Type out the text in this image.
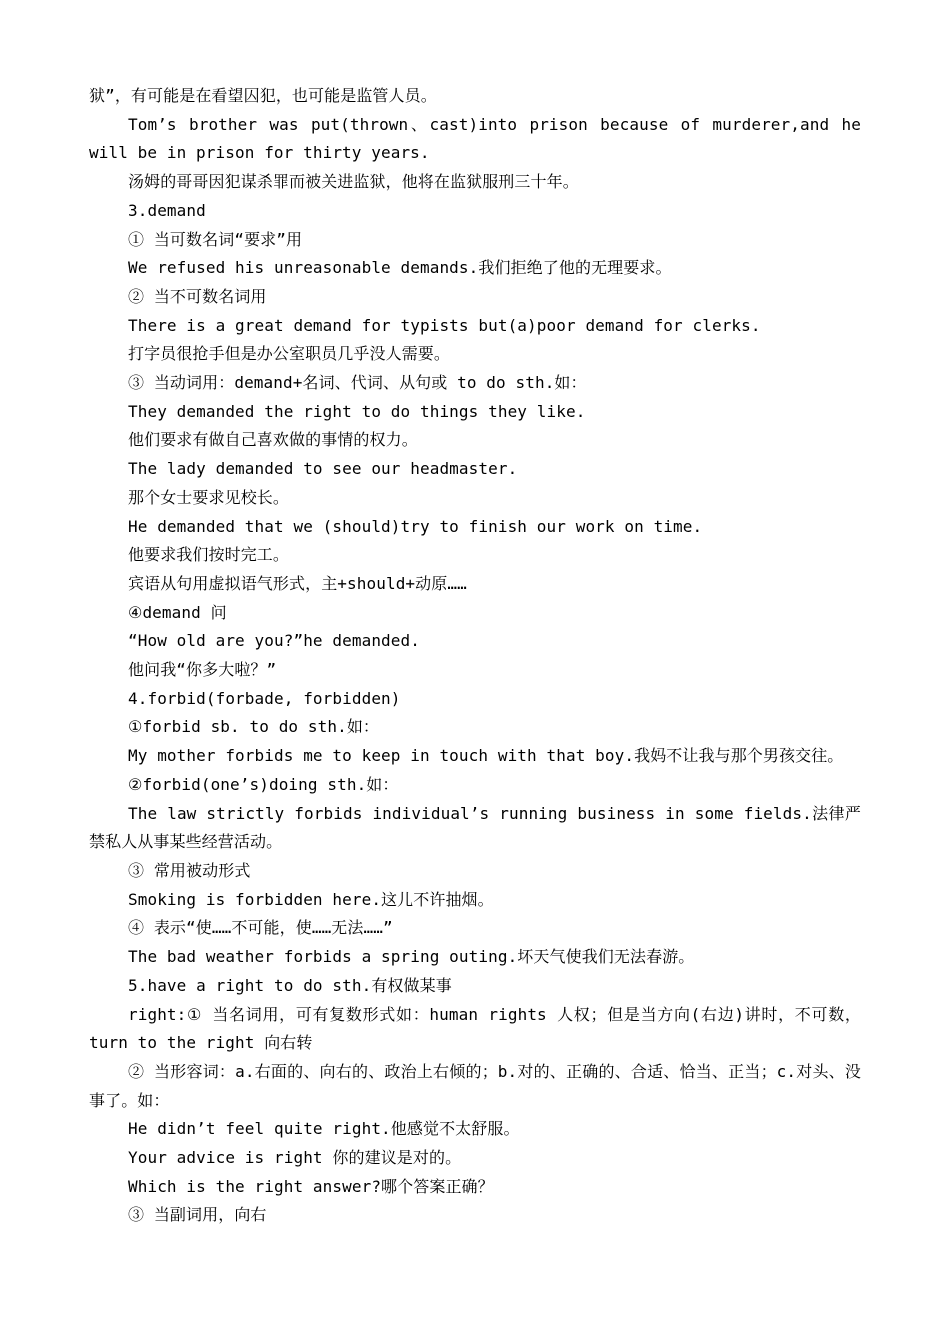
狱”，有可能是在看望囚犯，也可能是监管人员。

Tom’s brother was put(thrown、cast)into prison because of murderer,and he will be in prison for thirty years.

汤姆的哥哥因犯谋杀罪而被关进监狱，他将在监狱服刑三十年。

3.demand

① 当可数名词“要求”用

We refused his unreasonable demands.我们拒绝了他的无理要求。

② 当不可数名词用

There is a great demand for typists but(a)poor demand for clerks.

打字员很抢手但是办公室职员几乎没人需要。

③ 当动词用：demand+名词、代词、从句或 to do sth.如：

They demanded the right to do things they like.

他们要求有做自己喜欢做的事情的权力。

The lady demanded to see our headmaster.

那个女士要求见校长。

He demanded that we (should)try to finish our work on time.

他要求我们按时完工。

宾语从句用虚拟语气形式，主+should+动原……

④demand 问

“How old are you?”he demanded.

他问我“你多大啦？”

4.forbid(forbade, forbidden)

①forbid sb. to do sth.如：

My mother forbids me to keep in touch with that boy.我妈不让我与那个男孩交往。

②forbid(one’s)doing sth.如：

The law strictly forbids individual’s running business in some fields.法律严禁私人从事某些经营活动。

③ 常用被动形式

Smoking is forbidden here.这儿不许抽烟。

④ 表示“使……不可能，使……无法……”

The bad weather forbids a spring outing.坏天气使我们无法春游。

5.have a right to do sth.有权做某事

right:① 当名词用，可有复数形式如：human rights 人权；但是当方向(右边)讲时，不可数，turn to the right 向右转

② 当形容词：a.右面的、向右的、政治上右倾的；b.对的、正确的、合适、恰当、正当；c.对头、没事了。如：

He didn’t feel quite right.他感觉不太舒服。

Your advice is right 你的建议是对的。

Which is the right answer?哪个答案正确？

③ 当副词用，向右
